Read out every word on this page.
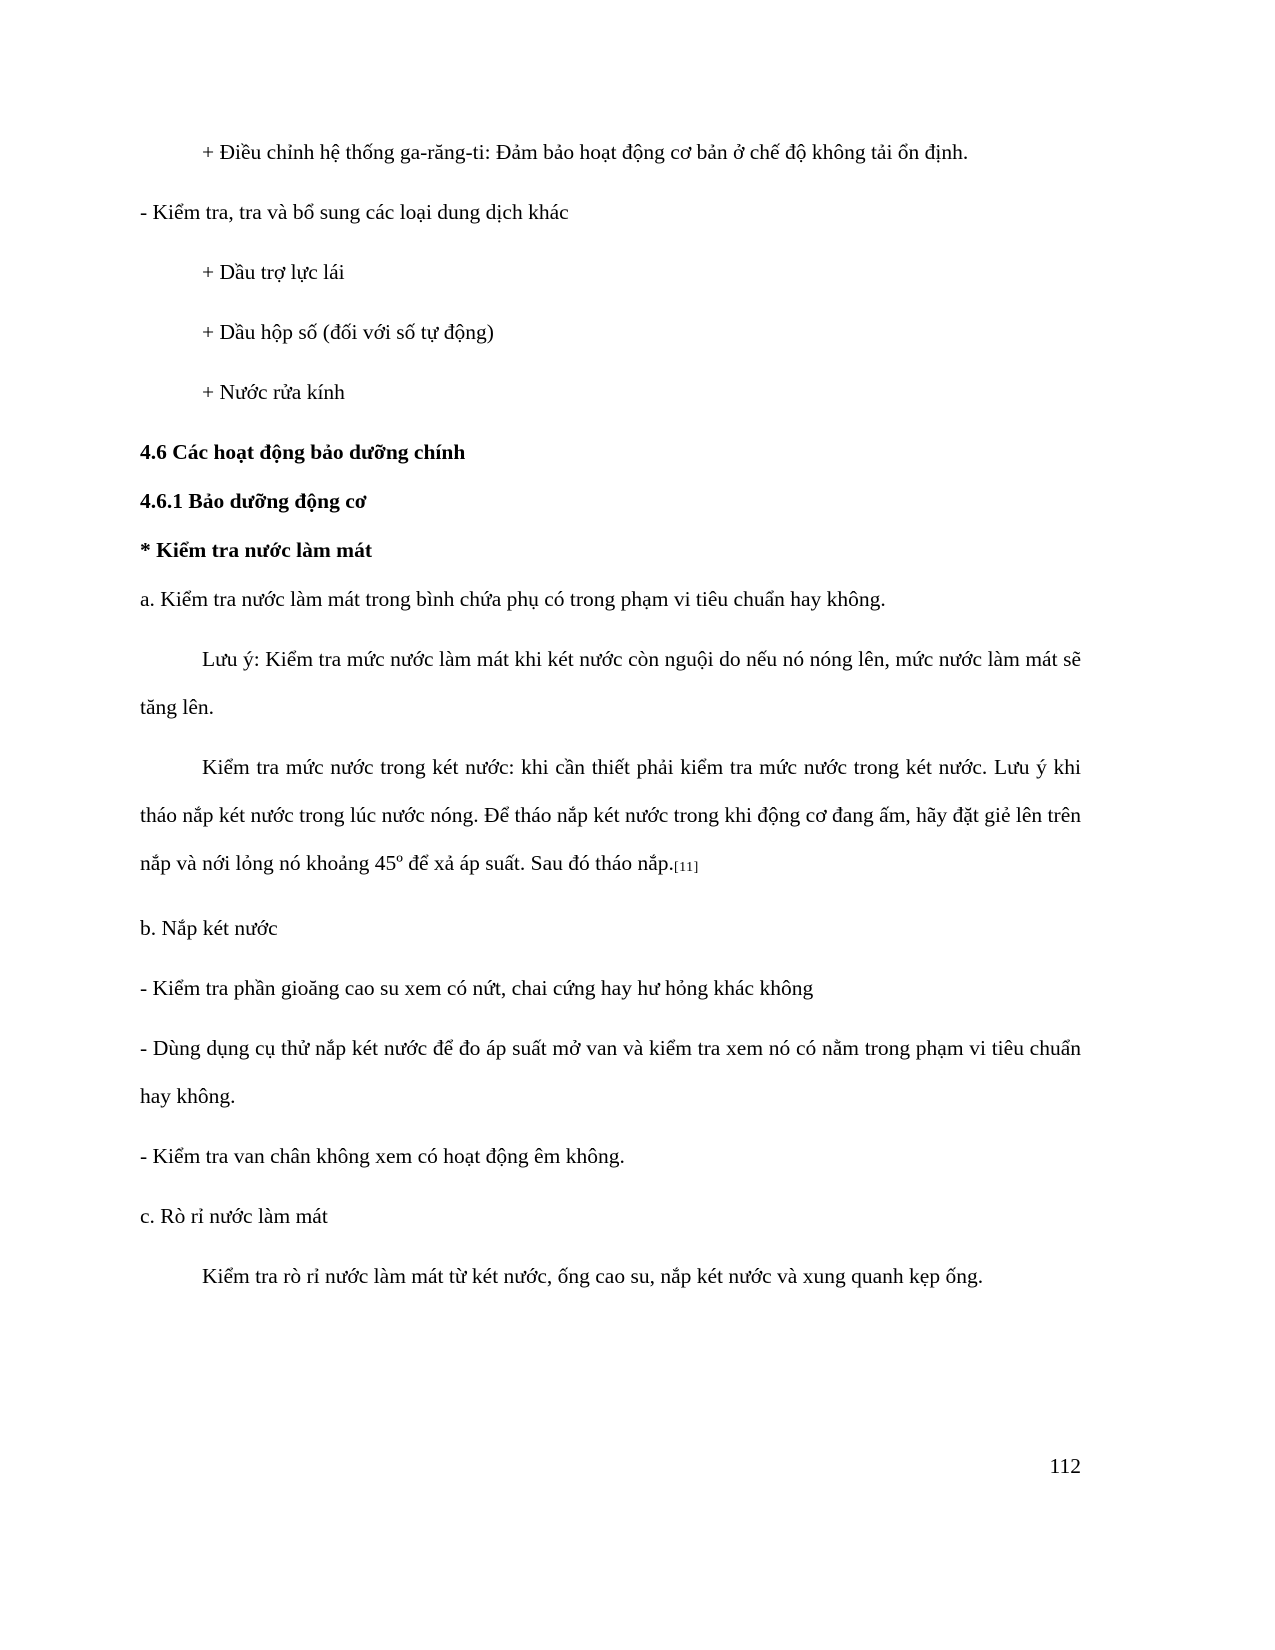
+ Điều chỉnh hệ thống ga-răng-ti: Đảm bảo hoạt động cơ bản ở chế độ không tải ổn định.

- Kiểm tra, tra và bổ sung các loại dung dịch khác

+ Dầu trợ lực lái

+ Dầu hộp số (đối với số tự động)

+ Nước rửa kính

4.6 Các hoạt động bảo dưỡng chính

4.6.1 Bảo dưỡng động cơ

* Kiểm tra nước làm mát

a. Kiểm tra nước làm mát trong bình chứa phụ có trong phạm vi tiêu chuẩn hay không.

Lưu ý: Kiểm tra mức nước làm mát khi két nước còn nguội do nếu nó nóng lên, mức nước làm mát sẽ tăng lên.

Kiểm tra mức nước trong két nước: khi cần thiết phải kiểm tra mức nước trong két nước. Lưu ý khi tháo nắp két nước trong lúc nước nóng. Để tháo nắp két nước trong khi động cơ đang ấm, hãy đặt giẻ lên trên nắp và nới lỏng nó khoảng 45º để xả áp suất. Sau đó tháo nắp.[11]

b. Nắp két nước

- Kiểm tra phần gioăng cao su xem có nứt, chai cứng hay hư hỏng khác không

- Dùng dụng cụ thử nắp két nước để đo áp suất mở van và kiểm tra xem nó có nằm trong phạm vi tiêu chuẩn hay không.

- Kiểm tra van chân không xem có hoạt động êm không.

c. Rò rỉ nước làm mát

Kiểm tra rò rỉ nước làm mát từ két nước, ống cao su, nắp két nước và xung quanh kẹp ống.

112
